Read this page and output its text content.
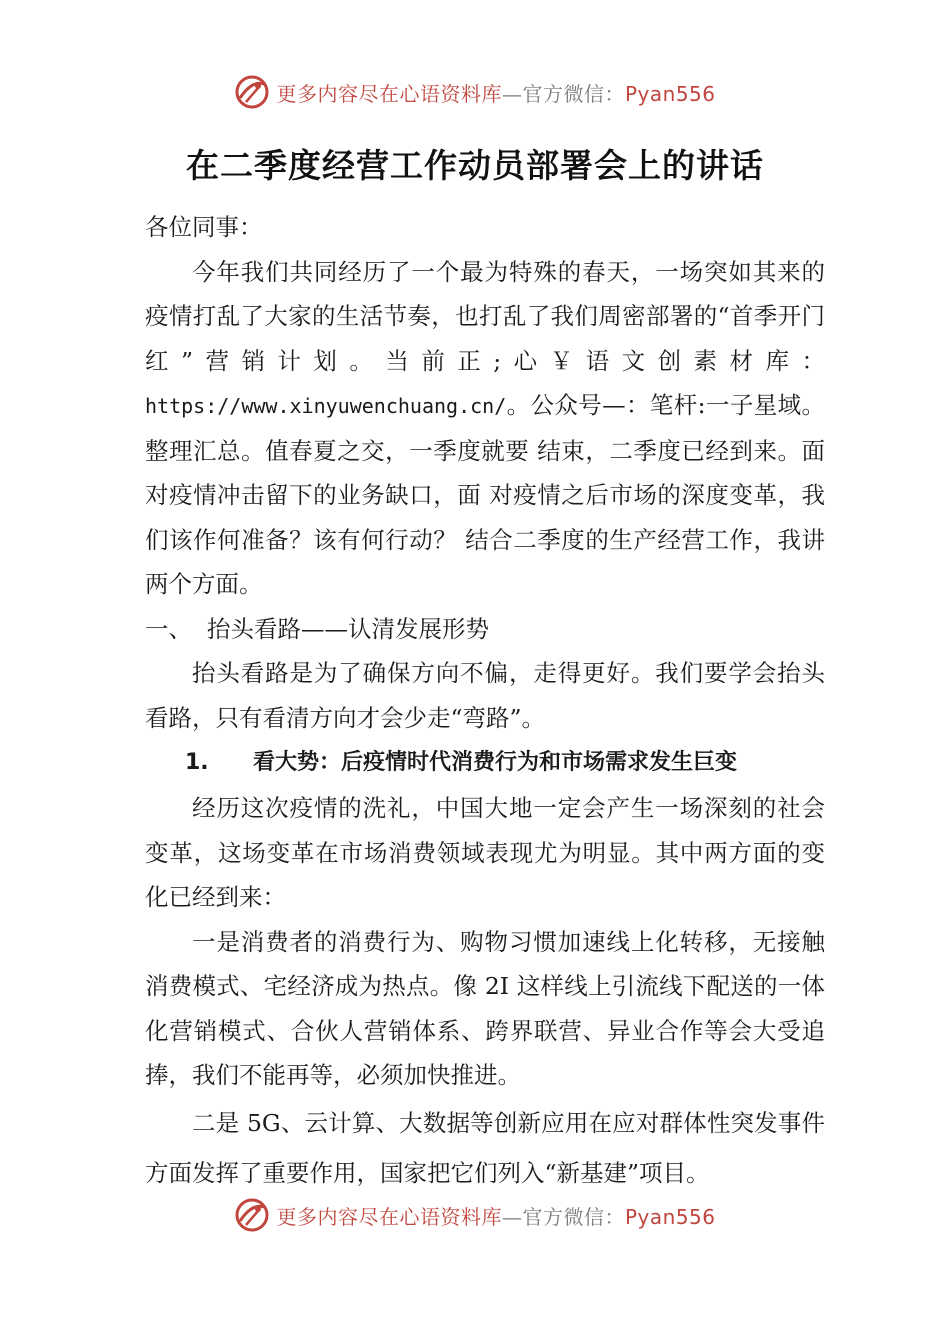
更多内容尽在心语资料库—官方微信：Pyan556
在二季度经营工作动员部署会上的讲话

各位同事：

今年我们共同经历了一个最为特殊的春天，一场突如其来的疫情打乱了大家的生活节奏，也打乱了我们周密部署的“首季开门红”营销计划。当前正;心￥语文创素材库：https://www.xinyuwenchuang.cn/。公众号—：笔杆:一子星域。整理汇总。值春夏之交，一季度就要 结束，二季度已经到来。面对疫情冲击留下的业务缺口，面 对疫情之后市场的深度变革，我们该作何准备？该有何行动？ 结合二季度的生产经营工作，我讲两个方面。

一、 抬头看路——认清发展形势

抬头看路是为了确保方向不偏，走得更好。我们要学会抬头看路，只有看清方向才会少走“弯路”。

1. 看大势：后疫情时代消费行为和市场需求发生巨变

经历这次疫情的洗礼，中国大地一定会产生一场深刻的社会变革，这场变革在市场消费领域表现尤为明显。其中两方面的变化已经到来：

一是消费者的消费行为、购物习惯加速线上化转移，无接触消费模式、宅经济成为热点。像 2I 这样线上引流线下配送的一体化营销模式、合伙人营销体系、跨界联营、异业合作等会大受追捧，我们不能再等，必须加快推进。

二是 5G、云计算、大数据等创新应用在应对群体性突发事件方面发挥了重要作用，国家把它们列入“新基建”项目。

更多内容尽在心语资料库—官方微信：Pyan556
